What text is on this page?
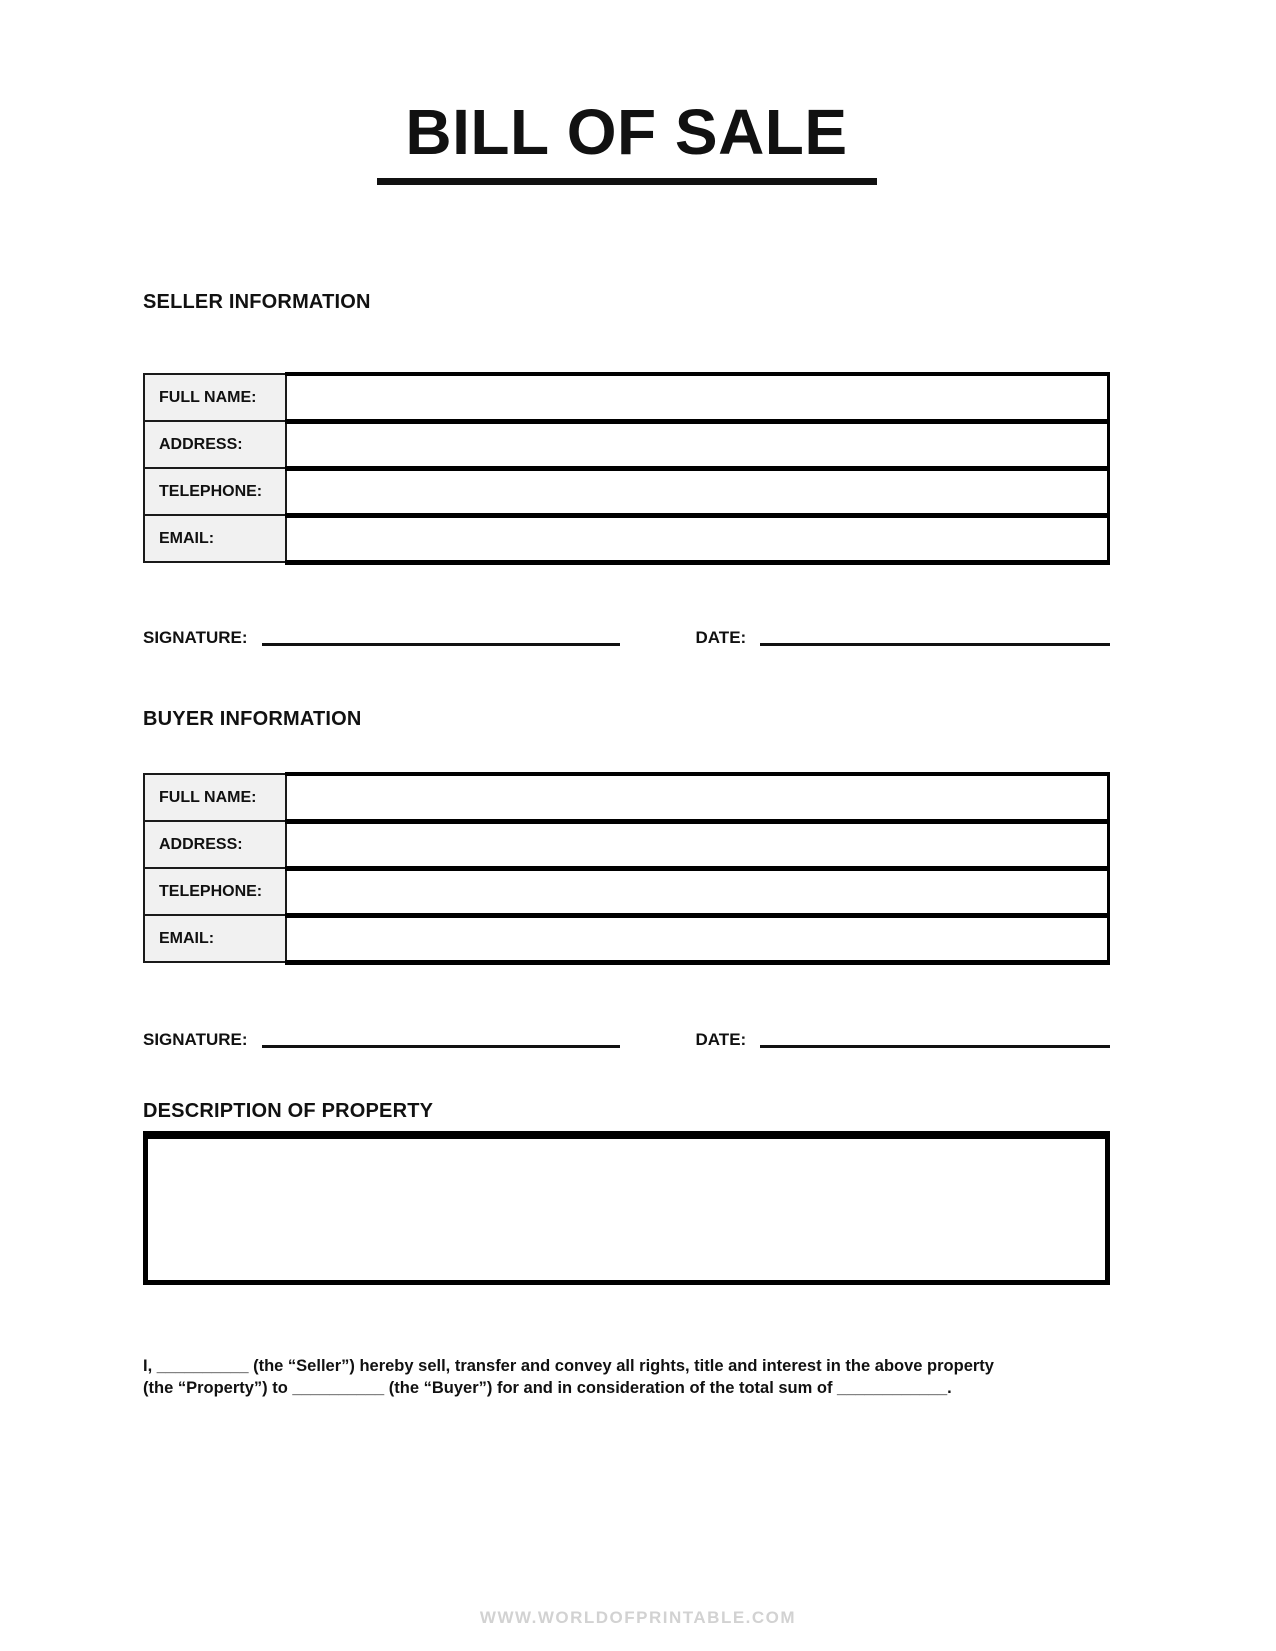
BILL OF SALE
SELLER INFORMATION
FULL NAME:	
ADDRESS:	
TELEPHONE:	
EMAIL:	
SIGNATURE:	DATE:
BUYER INFORMATION
FULL NAME:	
ADDRESS:	
TELEPHONE:	
EMAIL:	
SIGNATURE:	DATE:
DESCRIPTION OF PROPERTY
I, __________ (the “Seller”) hereby sell, transfer and convey all rights, title and interest in the above property
(the “Property”) to __________ (the “Buyer”) for and in consideration of the total sum of ____________.
WWW.WORLDOFPRINTABLE.COM
